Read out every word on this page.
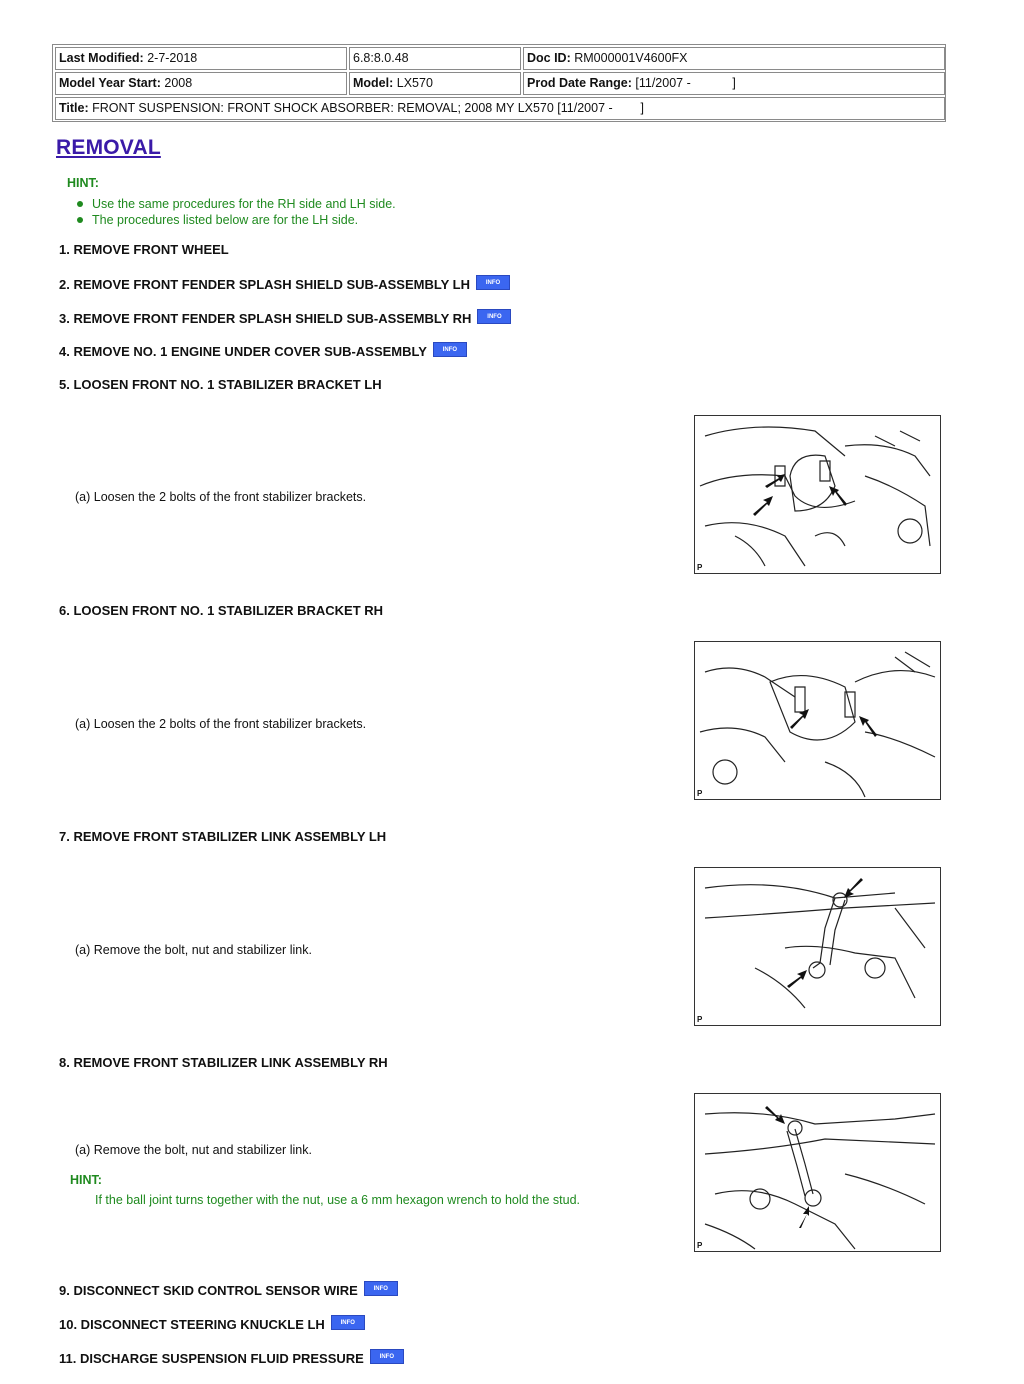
Last Modified: 2-7-2018	6.8:8.0.48	Doc ID: RM000001V4600FX
Model Year Start: 2008	Model: LX570	Prod Date Range: [11/2007 -            ]
Title: FRONT SUSPENSION: FRONT SHOCK ABSORBER: REMOVAL; 2008 MY LX570 [11/2007 -        ]
REMOVAL
HINT:
Use the same procedures for the RH side and LH side.
The procedures listed below are for the LH side.
1. REMOVE FRONT WHEEL
2. REMOVE FRONT FENDER SPLASH SHIELD SUB-ASSEMBLY LH	INFO
3. REMOVE FRONT FENDER SPLASH SHIELD SUB-ASSEMBLY RH	INFO
4. REMOVE NO. 1 ENGINE UNDER COVER SUB-ASSEMBLY	INFO
5. LOOSEN FRONT NO. 1 STABILIZER BRACKET LH
(a) Loosen the 2 bolts of the front stabilizer brackets.
P
6. LOOSEN FRONT NO. 1 STABILIZER BRACKET RH
(a) Loosen the 2 bolts of the front stabilizer brackets.
P
7. REMOVE FRONT STABILIZER LINK ASSEMBLY LH
(a) Remove the bolt, nut and stabilizer link.
P
8. REMOVE FRONT STABILIZER LINK ASSEMBLY RH
(a) Remove the bolt, nut and stabilizer link.
HINT:
If the ball joint turns together with the nut, use a 6 mm hexagon wrench to hold the stud.
P
9. DISCONNECT SKID CONTROL SENSOR WIRE	INFO
10. DISCONNECT STEERING KNUCKLE LH	INFO
11. DISCHARGE SUSPENSION FLUID PRESSURE	INFO
